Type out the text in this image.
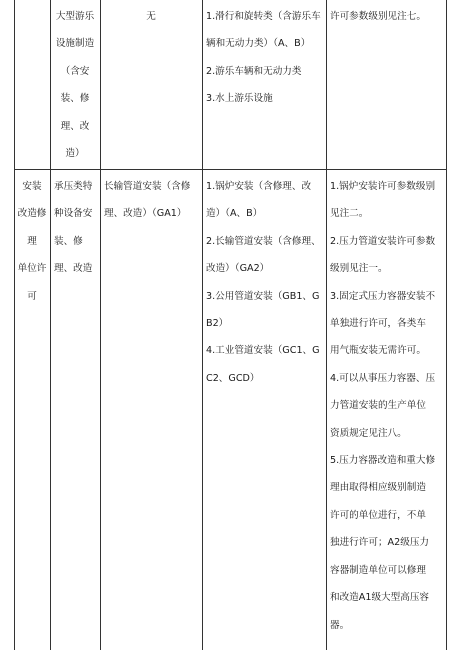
大型游乐
设施制造
（含安
装、修
理、改
造）
无	1.滑行和旋转类（含游乐车
辆和无动力类）（A、B）
2.游乐车辆和无动力类
3.水上游乐设施
许可参数级别见注七。
安装
改造修
理
单位许
可
承压类特
种设备安
装、修
理、改造
长输管道安装（含修
理、改造）（GA1）
1.锅炉安装（含修理、改
造）（A、B）
2.长输管道安装（含修理、
改造）（GA2）
3.公用管道安装（GB1、G
B2）
4.工业管道安装（GC1、G
C2、GCD）
1.锅炉安装许可参数级别
见注二。
2.压力管道安装许可参数
级别见注一。
3.固定式压力容器安装不
单独进行许可，各类车
用气瓶安装无需许可。
4.可以从事压力容器、压
力管道安装的生产单位
资质规定见注八。
5.压力容器改造和重大修
理由取得相应级别制造
许可的单位进行，不单
独进行许可；A2级压力
容器制造单位可以修理
和改造A1级大型高压容
器。
